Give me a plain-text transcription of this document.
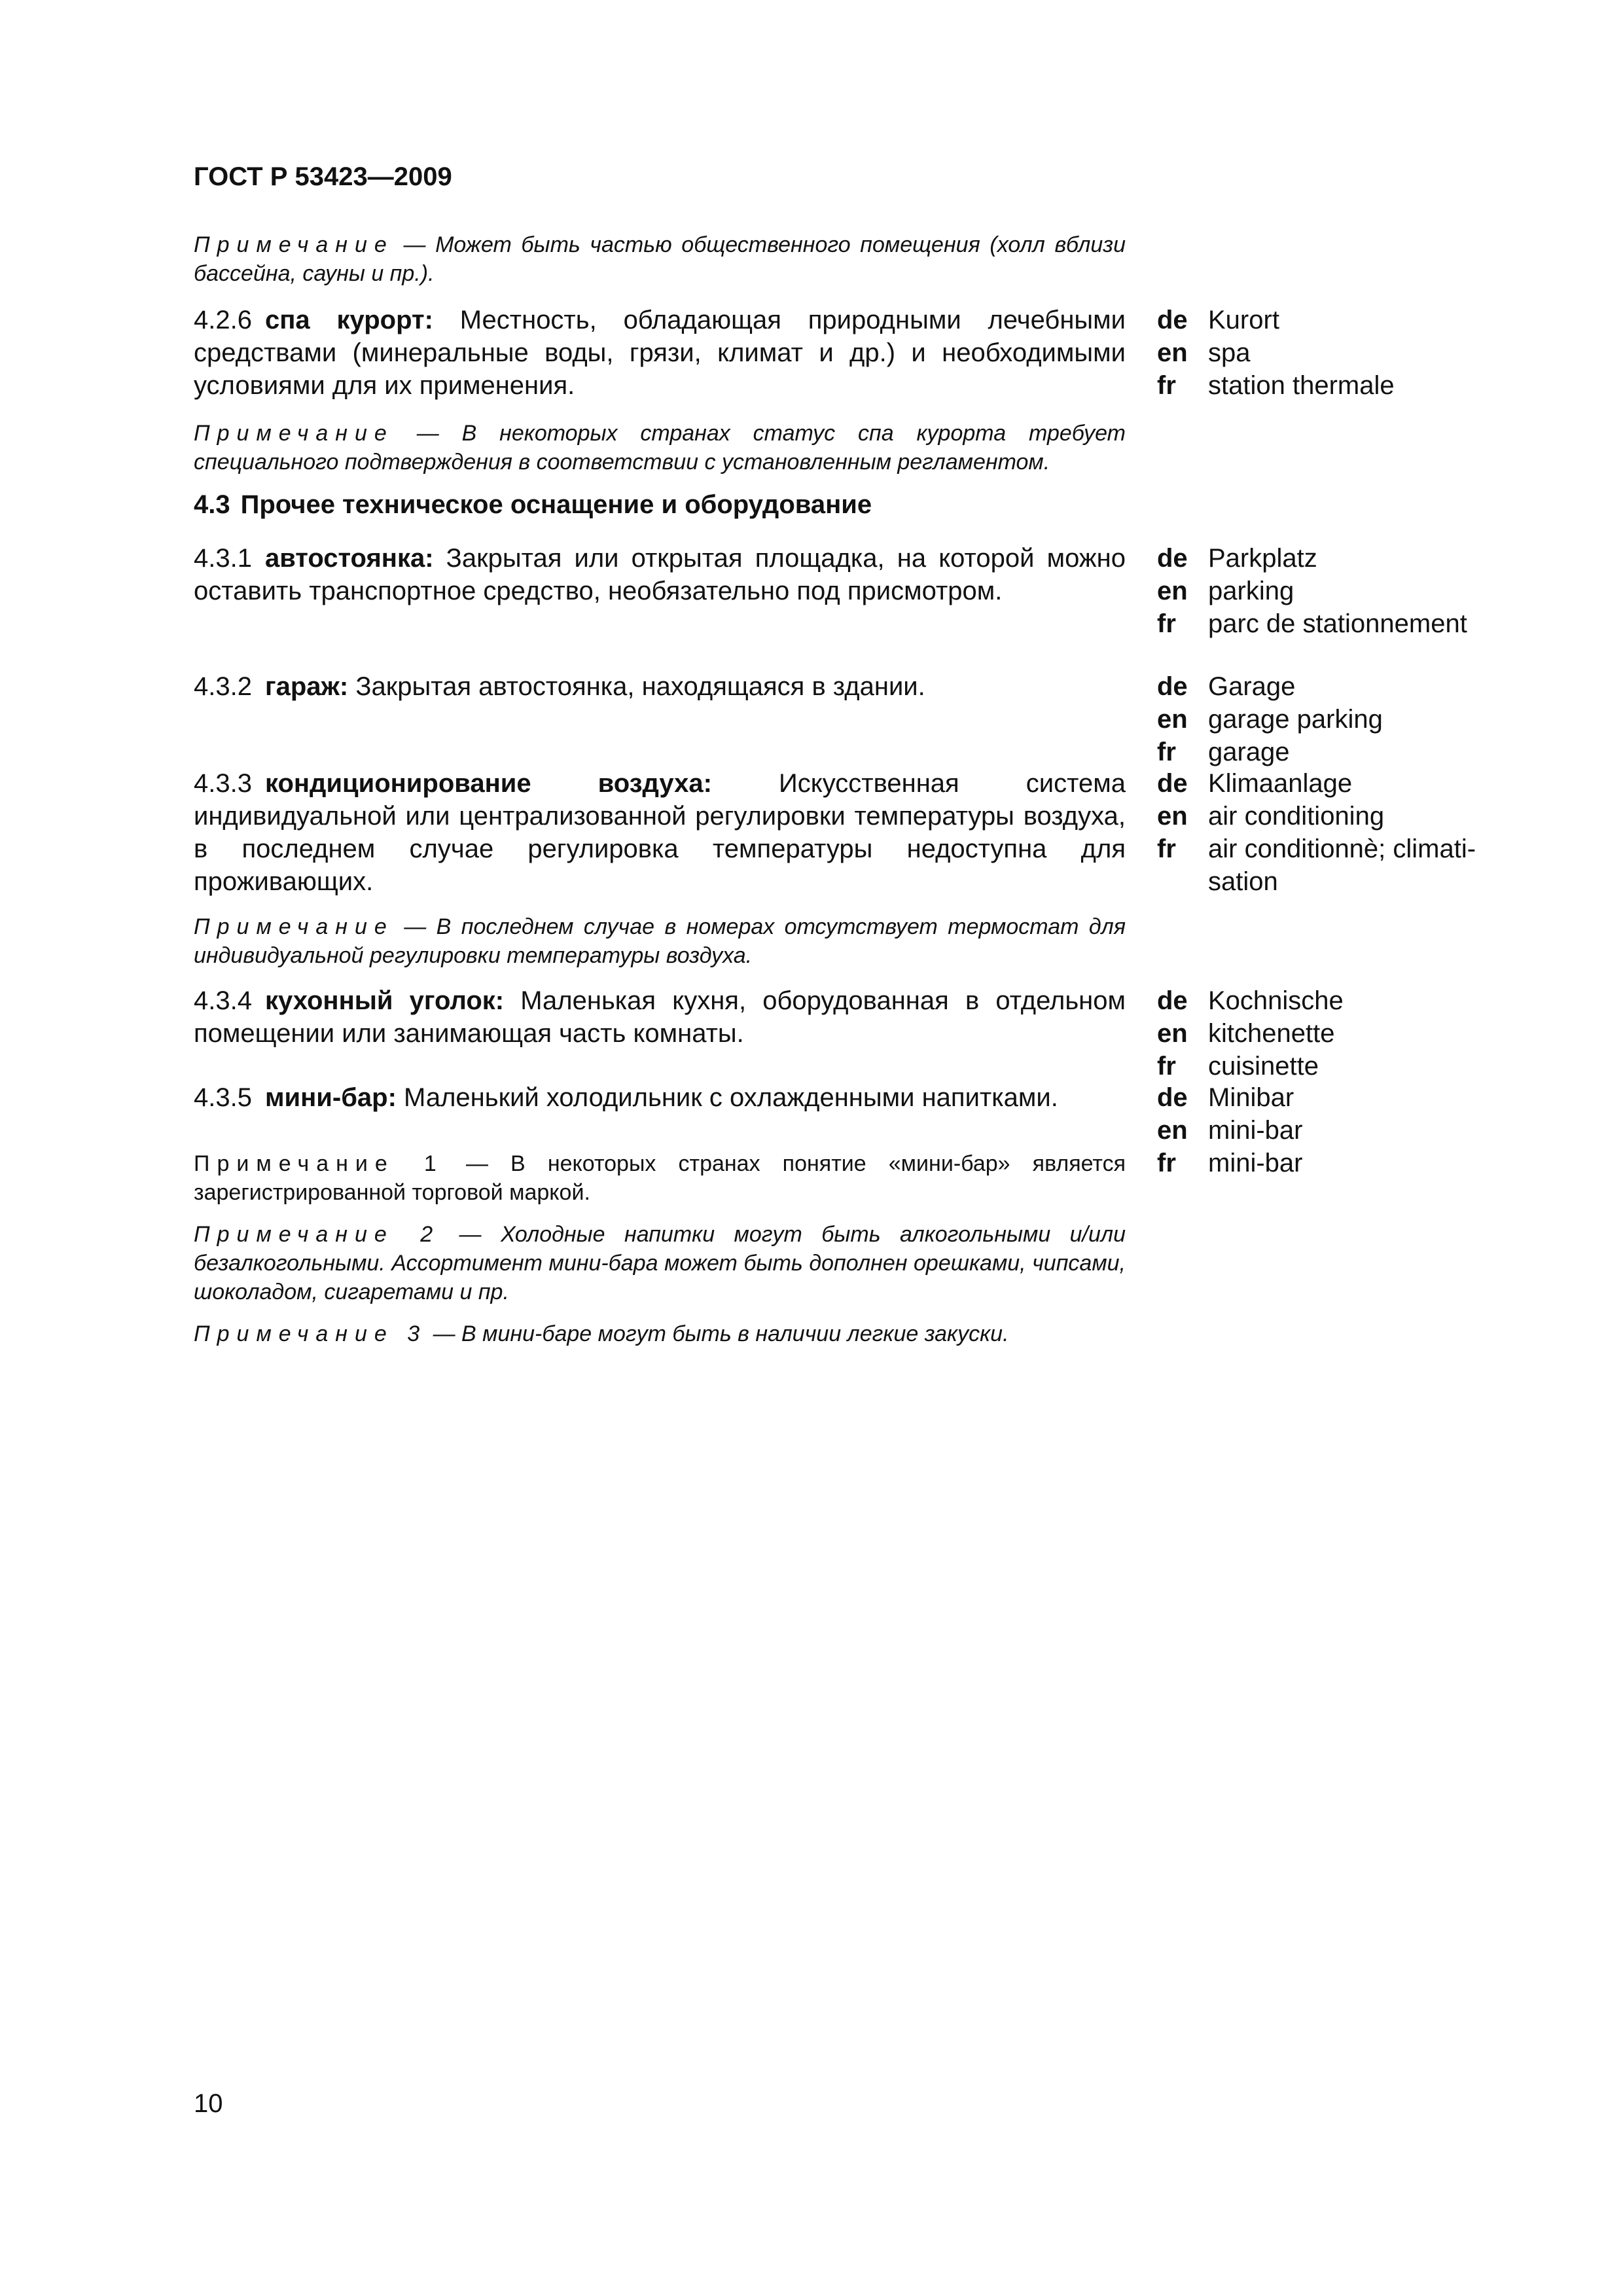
ГОСТ Р 53423—2009
Примечание — Может быть частью общественного помещения (холл вблизи бассейна, сауны и пр.).
4.2.6 спа курорт: Местность, обладающая природными лечебными средствами (минеральные воды, грязи, климат и др.) и необходимыми условиями для их применения.
de Kurort
en spa
fr	station thermale
Примечание — В некоторых странах статус спа курорта требует специального подтверждения в соответствии с установленным регламентом.
4.3 Прочее техническое оснащение и оборудование
4.3.1 автостоянка: Закрытая или открытая площадка, на которой можно оставить транспортное средство, необязательно под присмотром.
de Parkplatz
en parking
fr	parc de stationnement
4.3.2 гараж: Закрытая автостоянка, находящаяся в здании.	de Garage
en garage parking
fr	garage
4.3.3 кондиционирование воздуха: Искусственная система индивидуальной или централизованной регулировки температуры воздуха, в последнем случае регулировка температуры недоступна для проживающих.
de Klimaanlage
en air conditioning
fr	air conditionnè; climati-
sation
Примечание — В последнем случае в номерах отсутствует термостат для индивидуальной регулировки температуры воздуха.
4.3.4 кухонный уголок: Маленькая кухня, оборудованная в отдельном помещении или занимающая часть комнаты.
de Kochnische
en kitchenette
fr	cuisinette
4.3.5 мини-бар: Маленький холодильник с охлажденными напитками.	de Minibar
en mini-bar
fr	mini-bar
Примечание 1 — В некоторых странах понятие «мини-бар» является зарегистрированной торговой маркой.
Примечание 2 — Холодные напитки могут быть алкогольными и/или безалкогольными. Ассортимент мини-бара может быть дополнен орешками, чипсами, шоколадом, сигаретами и пр.
Примечание 3 — В мини-баре могут быть в наличии легкие закуски.
10
